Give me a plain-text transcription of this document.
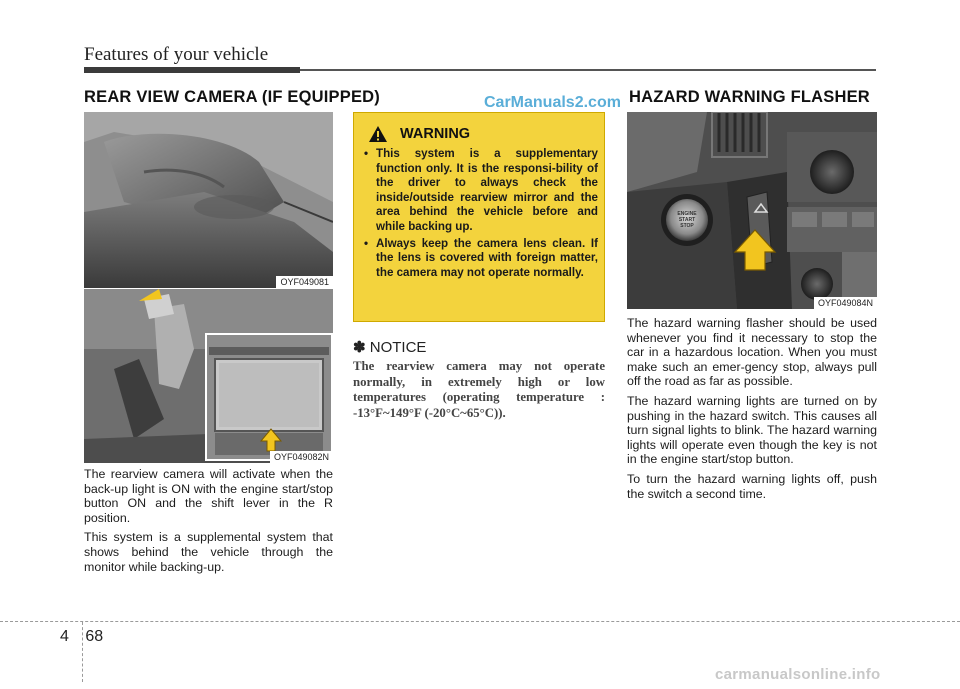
Features of your vehicle
REAR VIEW CAMERA (IF EQUIPPED)	CarManuals2.com HAZARD WARNING FLASHER
OYF049081
OYF049082N

The rearview camera will activate when the back-up light is ON with the engine start/stop button ON and the shift lever in the R position.

This system is a supplemental system that shows behind the vehicle through the monitor while backing-up.

WARNING
• This system is a supplementary function only. It is the responsi-bility of the driver to always check the inside/outside rearview mirror and the area behind the vehicle before and while backing up.
• Always keep the camera lens clean. If the lens is covered with foreign matter, the camera may not operate normally.
✽ NOTICE
The rearview camera may not operate normally, in extremely high or low temperatures (operating temperature : -13°F~149°F (-20°C~65°C)).
ENGINE
START
STOP
OYF049084N

The hazard warning flasher should be used whenever you find it necessary to stop the car in a hazardous location. When you must make such an emer-gency stop, always pull off the road as far as possible.

The hazard warning lights are turned on by pushing in the hazard switch. This causes all turn signal lights to blink. The hazard warning lights will operate even though the key is not in the engine start/stop button.

To turn the hazard warning lights off, push the switch a second time.

4 68
carmanualsonline.info
